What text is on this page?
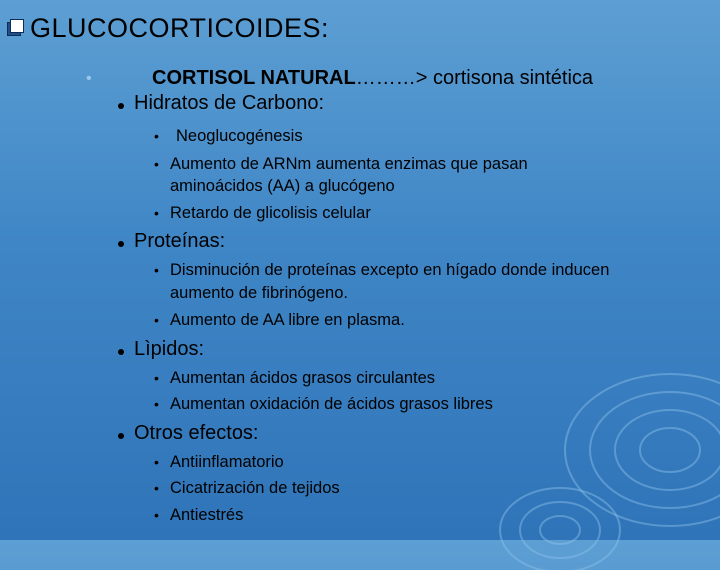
GLUCOCORTICOIDES:
•	CORTISOL NATURAL………> cortisona sintética
Hidratos de Carbono:
• Neoglucogénesis
• Aumento de ARNm aumenta enzimas que pasan
aminoácidos (AA) a glucógeno
• Retardo de glicolisis celular
Proteínas:
• Disminución de proteínas excepto en hígado donde inducen
aumento de fibrinógeno.
• Aumento de AA libre en plasma.
Lìpidos:
• Aumentan ácidos grasos circulantes
• Aumentan oxidación de ácidos grasos libres
Otros efectos:
• Antiinflamatorio
• Cicatrización de tejidos
• Antiestrés
